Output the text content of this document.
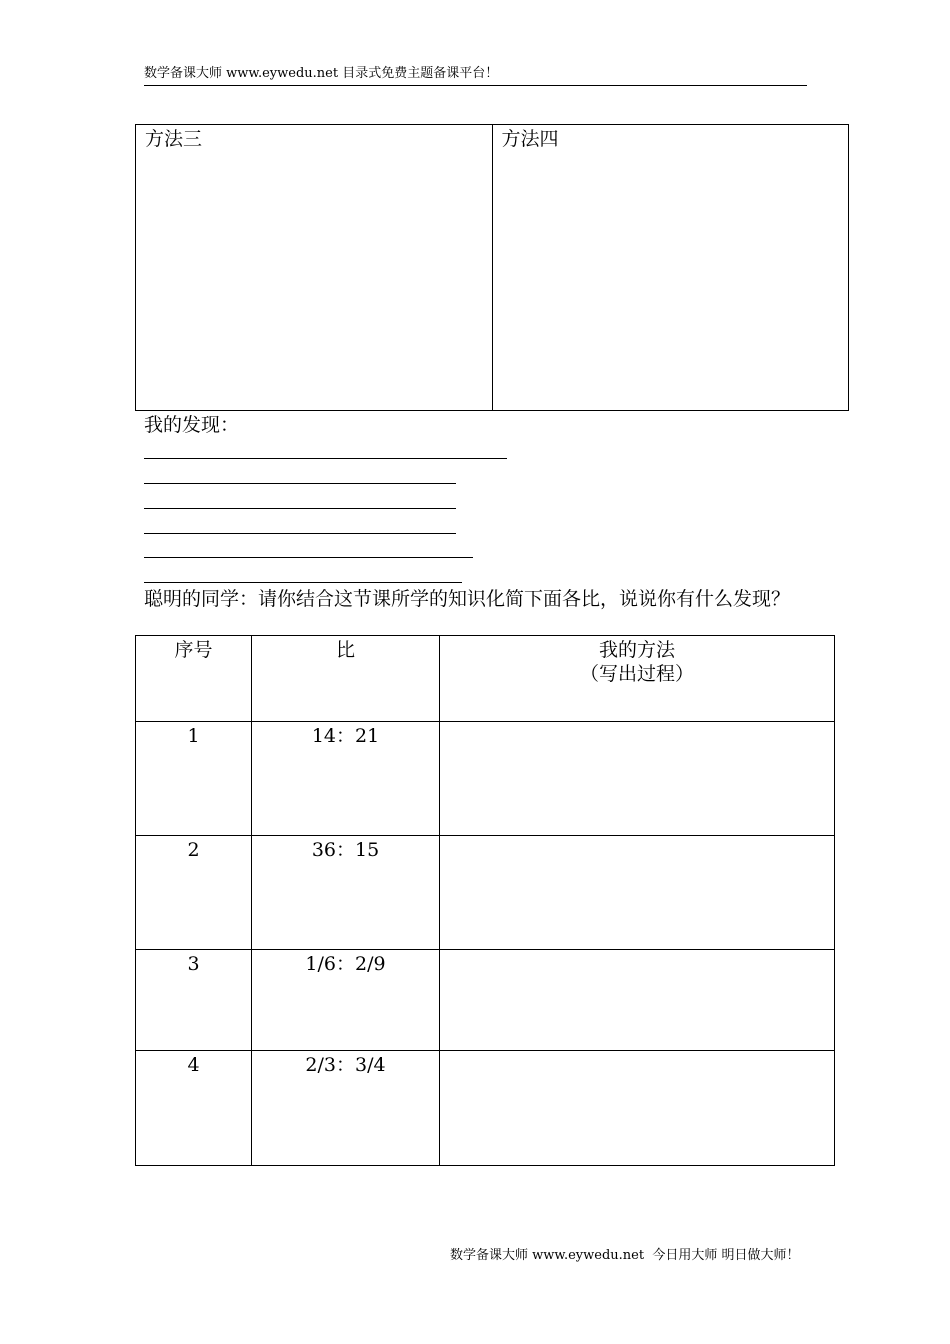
数学备课大师 www.eywedu.net 目录式免费主题备课平台！
方法三	方法四
我的发现：
聪明的同学：请你结合这节课所学的知识化简下面各比，说说你有什么发现？
序号	比	我的方法
（写出过程）

1	14：21	
2	36：15	
3	1/6：2/9	
4	2/3：3/4	
数学备课大师 www.eywedu.net  今日用大师 明日做大师！
